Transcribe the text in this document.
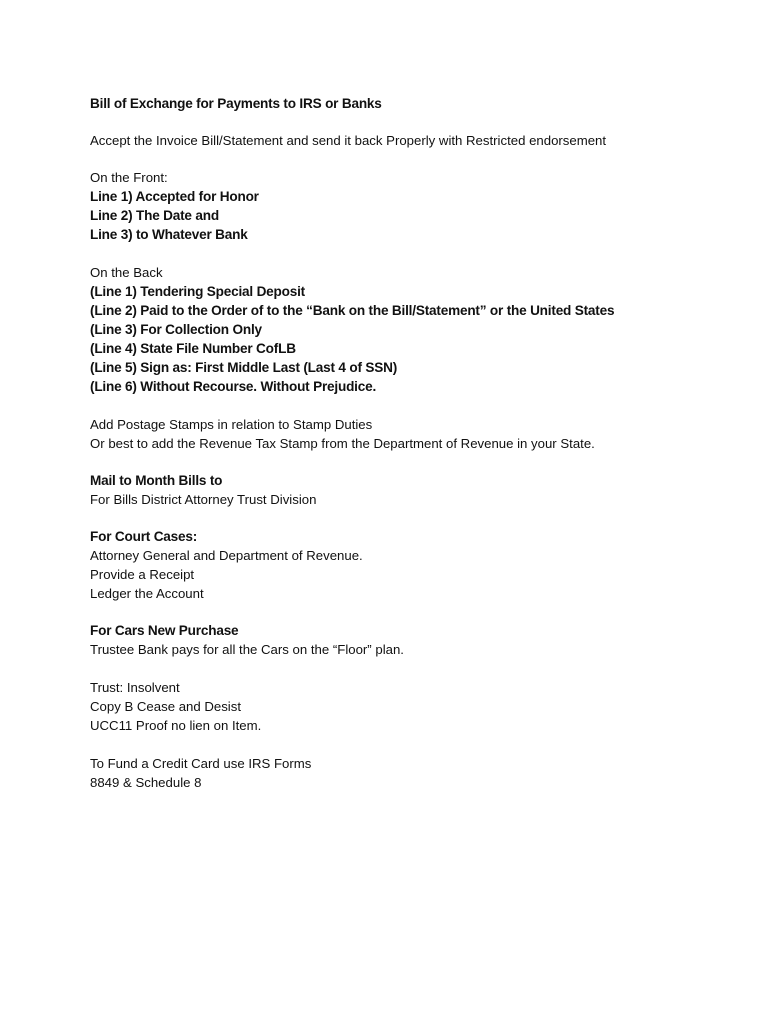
Bill of Exchange for Payments to IRS or Banks
Accept the Invoice Bill/Statement and send it back Properly with Restricted endorsement
On the Front:
Line 1) Accepted for Honor
Line 2) The Date and
Line 3) to Whatever Bank
On the Back
(Line 1) Tendering Special Deposit
(Line 2) Paid to the Order of to the “Bank on the Bill/Statement” or the United States
(Line 3) For Collection Only
(Line 4) State File Number CofLB
(Line 5) Sign as: First Middle Last (Last 4 of SSN)
(Line 6) Without Recourse. Without Prejudice.
Add Postage Stamps in relation to Stamp Duties
Or best to add the Revenue Tax Stamp from the Department of Revenue in your State.
Mail to Month Bills to
For Bills District Attorney Trust Division
For Court Cases:
Attorney General and Department of Revenue.
Provide a Receipt
Ledger the Account
For Cars New Purchase
Trustee Bank pays for all the Cars on the “Floor” plan.
Trust: Insolvent
Copy B Cease and Desist
UCC11 Proof no lien on Item.
To Fund a Credit Card use IRS Forms
8849 & Schedule 8
